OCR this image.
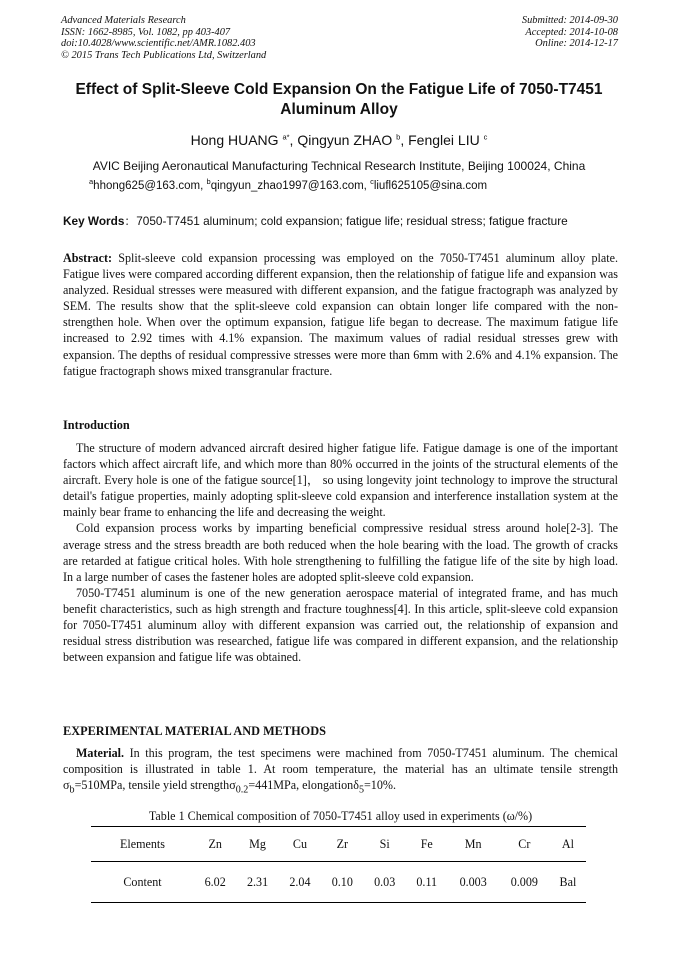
Advanced Materials Research
ISSN: 1662-8985, Vol. 1082, pp 403-407
doi:10.4028/www.scientific.net/AMR.1082.403
© 2015 Trans Tech Publications Ltd, Switzerland
Submitted: 2014-09-30
Accepted: 2014-10-08
Online: 2014-12-17
Effect of Split-Sleeve Cold Expansion On the Fatigue Life of 7050-T7451
Aluminum Alloy
Hong HUANG $^{a*}$, Qingyun ZHAO $^b$, Fenglei LIU $^c$
AVIC Beijing Aeronautical Manufacturing Technical Research Institute, Beijing 100024, China
$^a$hhong625@163.com, $^b$qingyun_zhao1997@163.com, $^c$liufl625105@sina.com
Key Words：7050-T7451 aluminum; cold expansion; fatigue life; residual stress; fatigue fracture

Abstract: Split-sleeve cold expansion processing was employed on the 7050-T7451 aluminum alloy plate. Fatigue lives were compared according different expansion, then the relationship of fatigue life and expansion was analyzed. Residual stresses were measured with different expansion, and the fatigue fractograph was analyzed by SEM. The results show that the split-sleeve cold expansion can obtain longer life compared with the non-strengthen hole. When over the optimum expansion, fatigue life began to decrease. The maximum fatigue life increased to 2.92 times with 4.1% expansion. The maximum values of radial residual stresses grew with expansion. The depths of residual compressive stresses were more than 6mm with 2.6% and 4.1% expansion. The fatigue fractograph shows mixed transgranular fracture.

Introduction

The structure of modern advanced aircraft desired higher fatigue life. Fatigue damage is one of the important factors which affect aircraft life, and which more than 80% occurred in the joints of the structural elements of the aircraft. Every hole is one of the fatigue source[1]， so using longevity joint technology to improve the structural detail's fatigue properties, mainly adopting split-sleeve cold expansion and interference installation system at the mainly bear frame to enhancing the life and decreasing the weight.

Cold expansion process works by imparting beneficial compressive residual stress around hole[2-3]. The average stress and the stress breadth are both reduced when the hole bearing with the load. The growth of cracks are retarded at fatigue critical holes. With hole strengthening to fulfilling the fatigue life of the site by high load. In a large number of cases the fastener holes are adopted split-sleeve cold expansion.

7050-T7451 aluminum is one of the new generation aerospace material of integrated frame, and has much benefit characteristics, such as high strength and fracture toughness[4]. In this article, split-sleeve cold expansion for 7050-T7451 aluminum alloy with different expansion was carried out, the relationship of expansion and residual stress distribution was researched, fatigue life was compared in different expansion, and the relationship between expansion and fatigue life was obtained.

EXPERIMENTAL MATERIAL AND METHODS

Material. In this program, the test specimens were machined from 7050-T7451 aluminum. The chemical composition is illustrated in table 1. At room temperature, the material has an ultimate tensile strength $\sigma_b=510MPa$, tensile yield strengthσ$_{0.2}$=441MPa, elongationδ$_5$=10%.

Table 1 Chemical composition of 7050-T7451 alloy used in experiments (ω/%)
Elements	Zn	Mg	Cu	Zr	Si	Fe	Mn	Cr	Al
Content	6.02	2.31	2.04	0.10	0.03	0.11	0.003	0.009	Bal
